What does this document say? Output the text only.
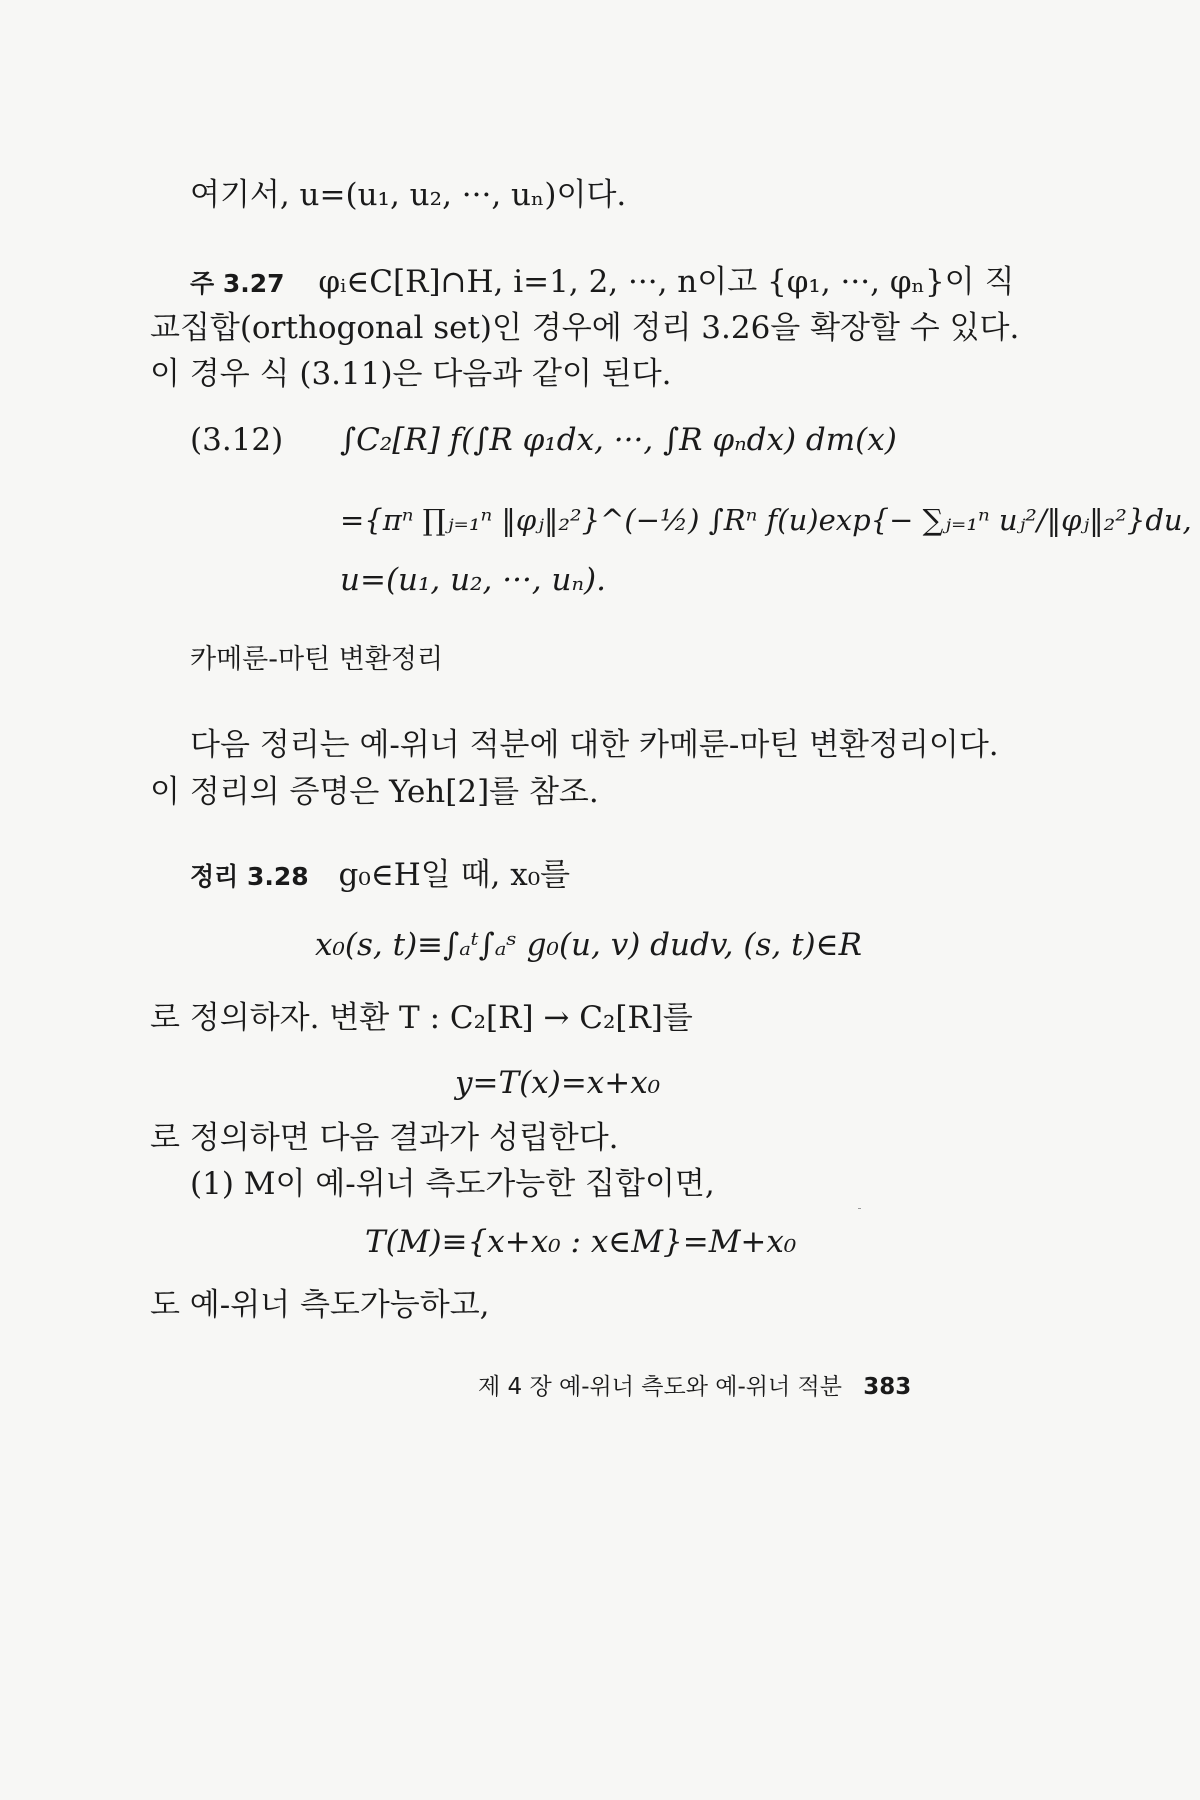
여기서, u=(u₁, u₂, ···, uₙ)이다.
주 3.27 φᵢ∈C[R]∩H, i=1, 2, ···, n이고 {φ₁, ···, φₙ}이 직
교집합(orthogonal set)인 경우에 정리 3.26을 확장할 수 있다.
이 경우 식 (3.11)은 다음과 같이 된다.
(3.12) ∫C₂[R] f(∫R φ₁dx, ···, ∫R φₙdx) dm(x)
={πⁿ ∏ⱼ₌₁ⁿ ‖φⱼ‖₂²}^(−½) ∫Rⁿ f(u)exp{− ∑ⱼ₌₁ⁿ uⱼ²/‖φⱼ‖₂²}du,
u=(u₁, u₂, ···, uₙ).
카메룬-마틴 변환정리
다음 정리는 예-위너 적분에 대한 카메룬-마틴 변환정리이다.
이 정리의 증명은 Yeh[2]를 참조.
정리 3.28 g₀∈H일 때, x₀를
x₀(s, t)≡∫ₐᵗ∫ₐˢ g₀(u, v) dudv, (s, t)∈R
로 정의하자. 변환 T : C₂[R] → C₂[R]를
y=T(x)=x+x₀
로 정의하면 다음 결과가 성립한다.
(1) M이 예-위너 측도가능한 집합이면,
T(M)≡{x+x₀ : x∈M}=M+x₀
도 예-위너 측도가능하고,
제 4 장 예-위너 측도와 예-위너 적분 383
